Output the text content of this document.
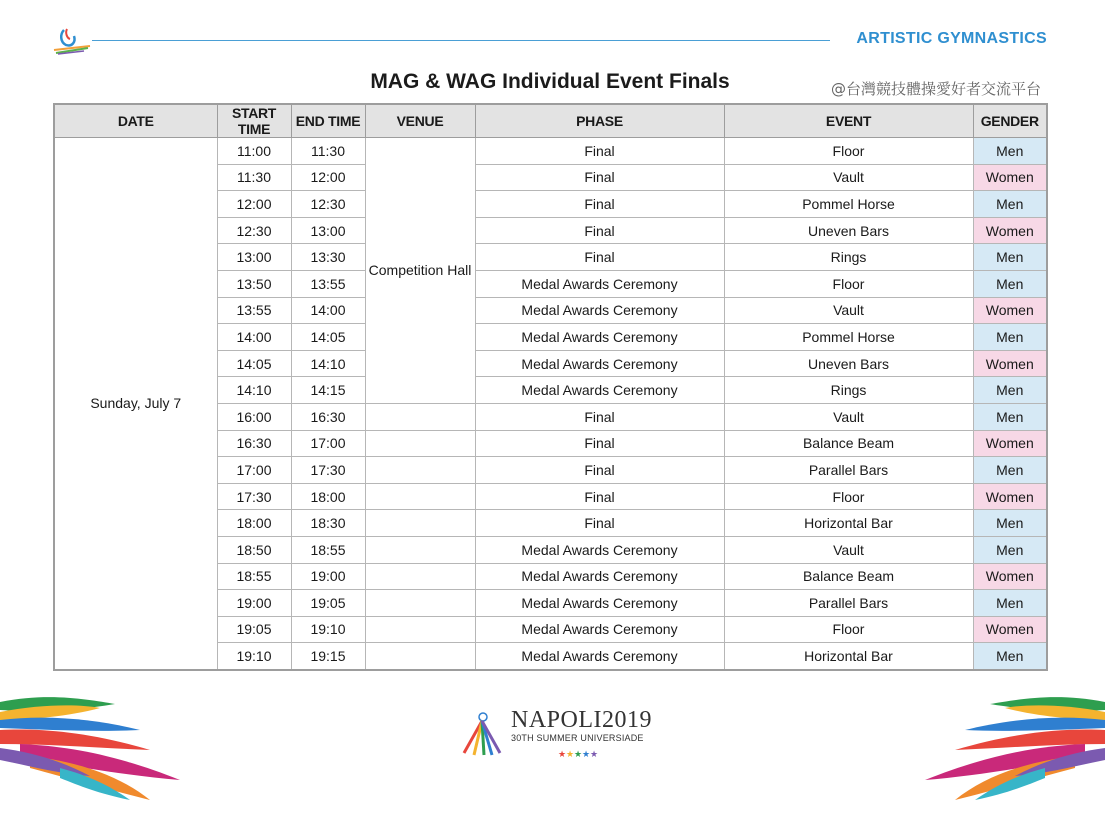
ARTISTIC GYMNASTICS
MAG & WAG Individual Event Finals	@台灣競技體操愛好者交流平台
DATE	START TIME	END TIME	VENUE	PHASE	EVENT	GENDER
Sunday, July 7	11:00	11:30	Competition Hall	Final	Floor	Men
	11:30	12:00		Final	Vault	Women
	12:00	12:30		Final	Pommel Horse	Men
	12:30	13:00		Final	Uneven Bars	Women
	13:00	13:30		Final	Rings	Men
	13:50	13:55		Medal Awards Ceremony	Floor	Men
	13:55	14:00		Medal Awards Ceremony	Vault	Women
	14:00	14:05		Medal Awards Ceremony	Pommel Horse	Men
	14:05	14:10		Medal Awards Ceremony	Uneven Bars	Women
	14:10	14:15		Medal Awards Ceremony	Rings	Men
	16:00	16:30		Final	Vault	Men
	16:30	17:00		Final	Balance Beam	Women
	17:00	17:30		Final	Parallel Bars	Men
	17:30	18:00		Final	Floor	Women
	18:00	18:30		Final	Horizontal Bar	Men
	18:50	18:55		Medal Awards Ceremony	Vault	Men
	18:55	19:00		Medal Awards Ceremony	Balance Beam	Women
	19:00	19:05		Medal Awards Ceremony	Parallel Bars	Men
	19:05	19:10		Medal Awards Ceremony	Floor	Women
	19:10	19:15		Medal Awards Ceremony	Horizontal Bar	Men
★ ★ ★ ★ ★
NAPOLI2019
30TH SUMMER UNIVERSIADE
